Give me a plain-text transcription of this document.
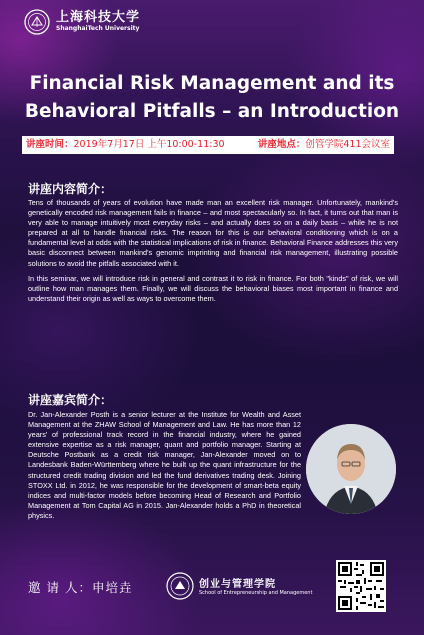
上海科技大学
ShanghaiTech University
Financial Risk Management and its
Behavioral Pitfalls – an Introduction
讲座时间：2019年7月17日 上午10:00-11:30	讲座地点：创管学院411会议室
讲座内容简介：

Tens of thousands of years of evolution have made man an excellent risk manager. Unfortunately, mankind's genetically encoded risk management fails in finance – and most spectacularly so. In fact, it turns out that man is very able to manage intuitively most everyday risks – and actually does so on a daily basis – while he is not prepared at all to handle financial risks. The reason for this is our behavioral conditioning which is on a fundamental level at odds with the statistical implications of risk in finance. Behavioral Finance addresses this very basic disconnect between mankind's genomic imprinting and financial risk management, illustrating possible solutions to avoid the pitfalls associated with it.

In this seminar, we will introduce risk in general and contrast it to risk in finance. For both "kinds" of risk, we will outline how man manages them. Finally, we will discuss the behavioral biases most important in finance and understand their origin as well as ways to overcome them.

讲座嘉宾简介：

Dr. Jan-Alexander Posth is a senior lecturer at the Institute for Wealth and Asset Management at the ZHAW School of Management and Law. He has more than 12 years' of professional track record in the financial industry, where he gained extensive expertise as a risk manager, quant and portfolio manager. Starting at Deutsche Postbank as a credit risk manager, Jan-Alexander moved on to Landesbank Baden-Württemberg where he built up the quant infrastructure for the structured credit trading division and led the fund derivatives trading desk. Joining STOXX Ltd. in 2012, he was responsible for the development of smart-beta equity indices and multi-factor models before becoming Head of Research and Portfolio Management at Tom Capital AG in 2015. Jan-Alexander holds a PhD in theoretical physics.

邀 请 人：申培垚	创业与管理学院
School of Entrepreneurship and Management
